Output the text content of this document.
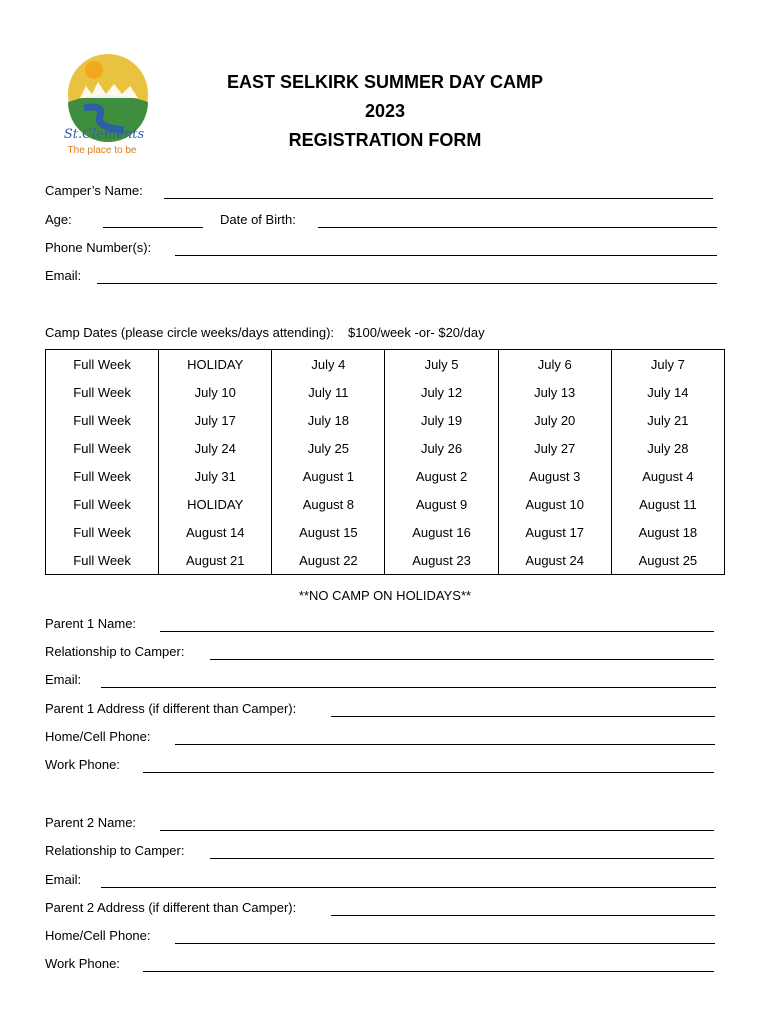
St.Clements
The place to be
EAST SELKIRK SUMMER DAY CAMP
2023
REGISTRATION FORM
Camper’s Name:
Age:	Date of Birth:
Phone Number(s):
Email:
Camp Dates (please circle weeks/days attending): $100/week -or- $20/day
Full Week	HOLIDAY	July 4	July 5	July 6	July 7
Full Week	July 10	July 11	July 12	July 13	July 14
Full Week	July 17	July 18	July 19	July 20	July 21
Full Week	July 24	July 25	July 26	July 27	July 28
Full Week	July 31	August 1	August 2	August 3	August 4
Full Week	HOLIDAY	August 8	August 9	August 10	August 11
Full Week	August 14	August 15	August 16	August 17	August 18
Full Week	August 21	August 22	August 23	August 24	August 25
**NO CAMP ON HOLIDAYS**
Parent 1 Name:
Relationship to Camper:
Email:
Parent 1 Address (if different than Camper):
Home/Cell Phone:
Work Phone:
Parent 2 Name:
Relationship to Camper:
Email:
Parent 2 Address (if different than Camper):
Home/Cell Phone:
Work Phone:
